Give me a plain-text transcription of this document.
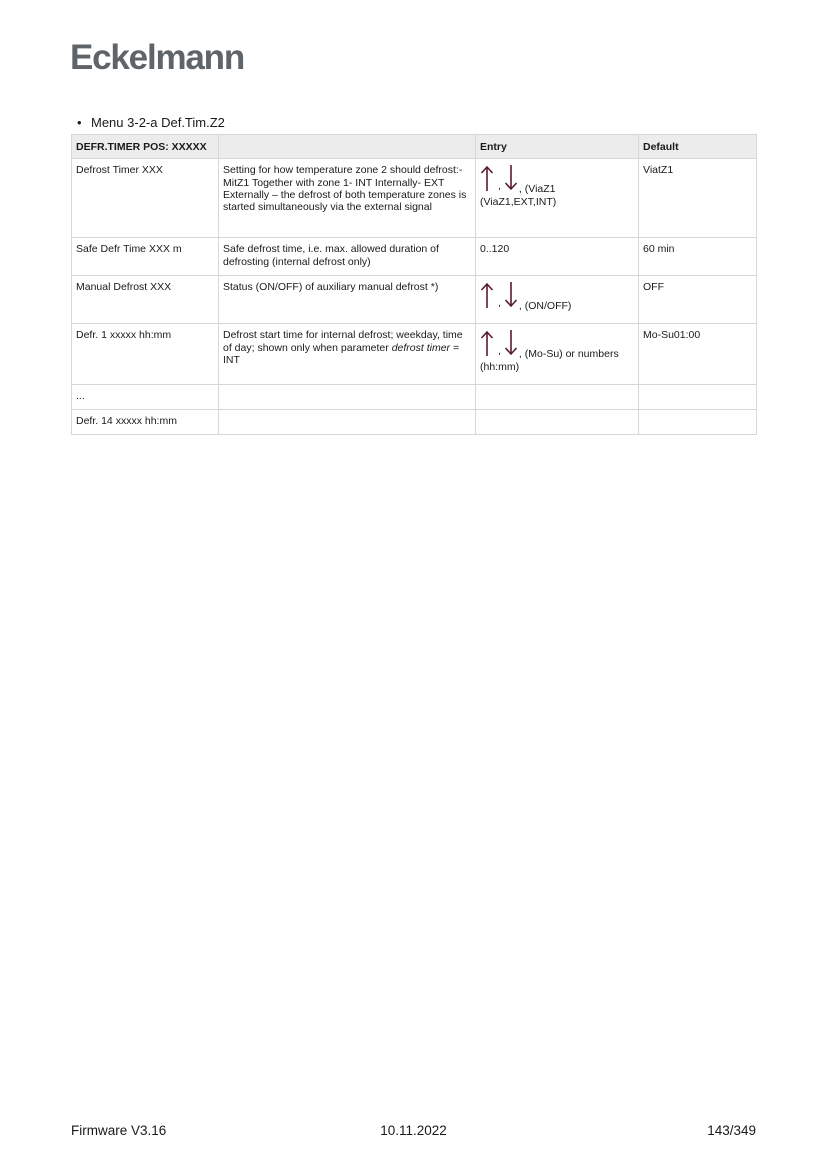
Eckelmann
• Menu 3-2-a Def.Tim.Z2
DEFR.TIMER POS: XXXXX		Entry	Default
Defrost Timer XXX	Setting for how temperature zone 2 should defrost:- MitZ1 Together with zone 1- INT Internally- EXT Externally – the defrost of both temperature zones is started simultaneously via the external signal	, , (ViaZ1 (ViaZ1,EXT,INT)	ViatZ1
Safe Defr Time XXX m	Safe defrost time, i.e. max. allowed duration of defrosting (internal defrost only)	0..120	60 min
Manual Defrost XXX	Status (ON/OFF) of auxiliary manual defrost *)	, , (ON/OFF)	OFF
Defr. 1 xxxxx hh:mm	Defrost start time for internal defrost; weekday, time of day; shown only when parameter defrost timer = INT	, , (Mo-Su) or numbers (hh:mm)	Mo-Su01:00
...			
Defr. 14 xxxxx hh:mm			
Firmware V3.16	10.11.2022	143/349
